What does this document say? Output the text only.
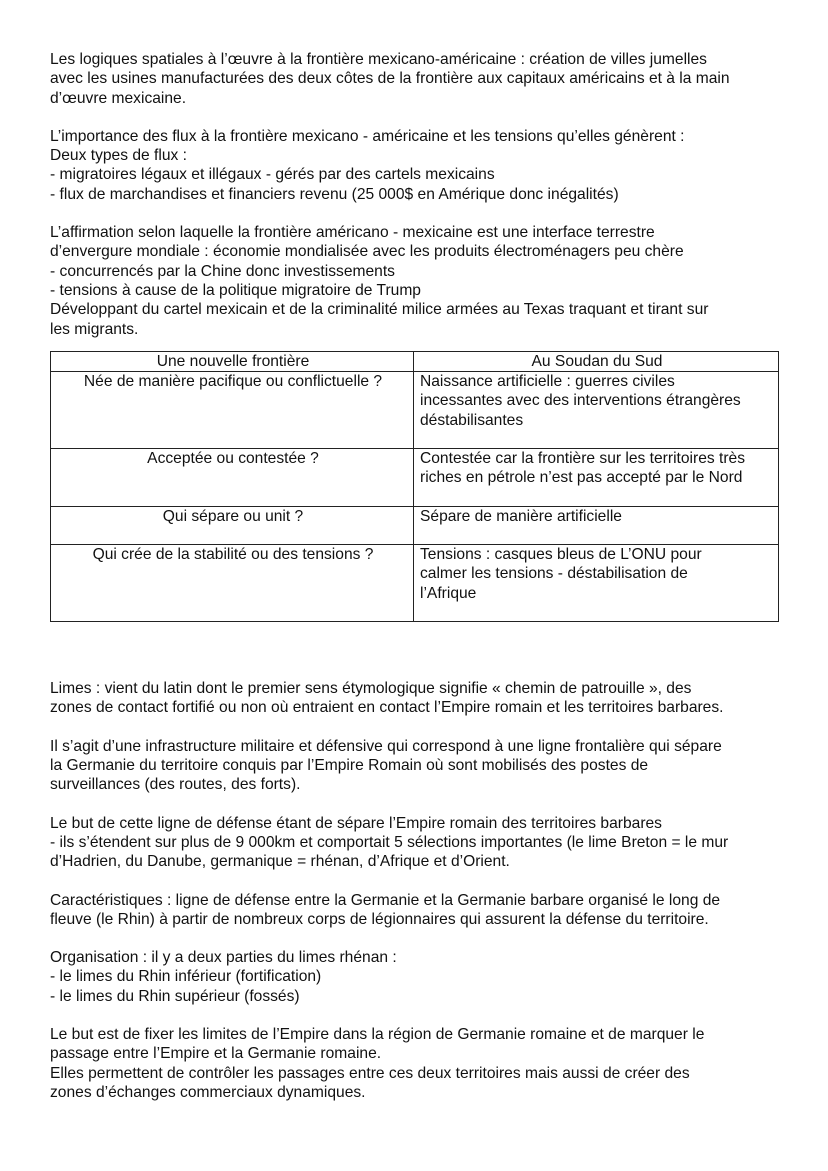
Les logiques spatiales à l’œuvre à la frontière mexicano-américaine : création de villes jumelles
avec les usines manufacturées des deux côtes de la frontière aux capitaux américains et à la main
d’œuvre mexicaine.

L’importance des flux à la frontière mexicano - américaine et les tensions qu’elles génèrent :
Deux types de flux :
- migratoires légaux et illégaux - gérés par des cartels mexicains
- flux de marchandises et financiers revenu (25 000$ en Amérique donc inégalités)

L’affirmation selon laquelle la frontière américano - mexicaine est une interface terrestre
d’envergure mondiale : économie mondialisée avec les produits électroménagers peu chère
- concurrencés par la Chine donc investissements
- tensions à cause de la politique migratoire de Trump
Développant du cartel mexicain et de la criminalité milice armées au Texas traquant et tirant sur
les migrants.

Une nouvelle frontière	Au Soudan du Sud
Née de manière pacifique ou conflictuelle ?	Naissance artificielle : guerres civiles
incessantes avec des interventions étrangères
déstabilisantes

Acceptée ou contestée ?	Contestée car la frontière sur les territoires très
riches en pétrole n’est pas accepté par le Nord

Qui sépare ou unit ?	Sépare de manière artificielle

Qui crée de la stabilité ou des tensions ?	Tensions : casques bleus de L’ONU pour
calmer les tensions - déstabilisation de
l’Afrique

Limes : vient du latin dont le premier sens étymologique signifie « chemin de patrouille », des
zones de contact fortifié ou non où entraient en contact l’Empire romain et les territoires barbares.

Il s’agit d’une infrastructure militaire et défensive qui correspond à une ligne frontalière qui sépare
la Germanie du territoire conquis par l’Empire Romain où sont mobilisés des postes de
surveillances (des routes, des forts).

Le but de cette ligne de défense étant de sépare l’Empire romain des territoires barbares
- ils s’étendent sur plus de 9 000km et comportait 5 sélections importantes (le lime Breton = le mur
d’Hadrien, du Danube, germanique = rhénan, d’Afrique et d’Orient.

Caractéristiques : ligne de défense entre la Germanie et la Germanie barbare organisé le long de
fleuve (le Rhin) à partir de nombreux corps de légionnaires qui assurent la défense du territoire.

Organisation : il y a deux parties du limes rhénan :
- le limes du Rhin inférieur (fortification)
- le limes du Rhin supérieur (fossés)

Le but est de fixer les limites de l’Empire dans la région de Germanie romaine et de marquer le
passage entre l’Empire et la Germanie romaine.
Elles permettent de contrôler les passages entre ces deux territoires mais aussi de créer des
zones d’échanges commerciaux dynamiques.
